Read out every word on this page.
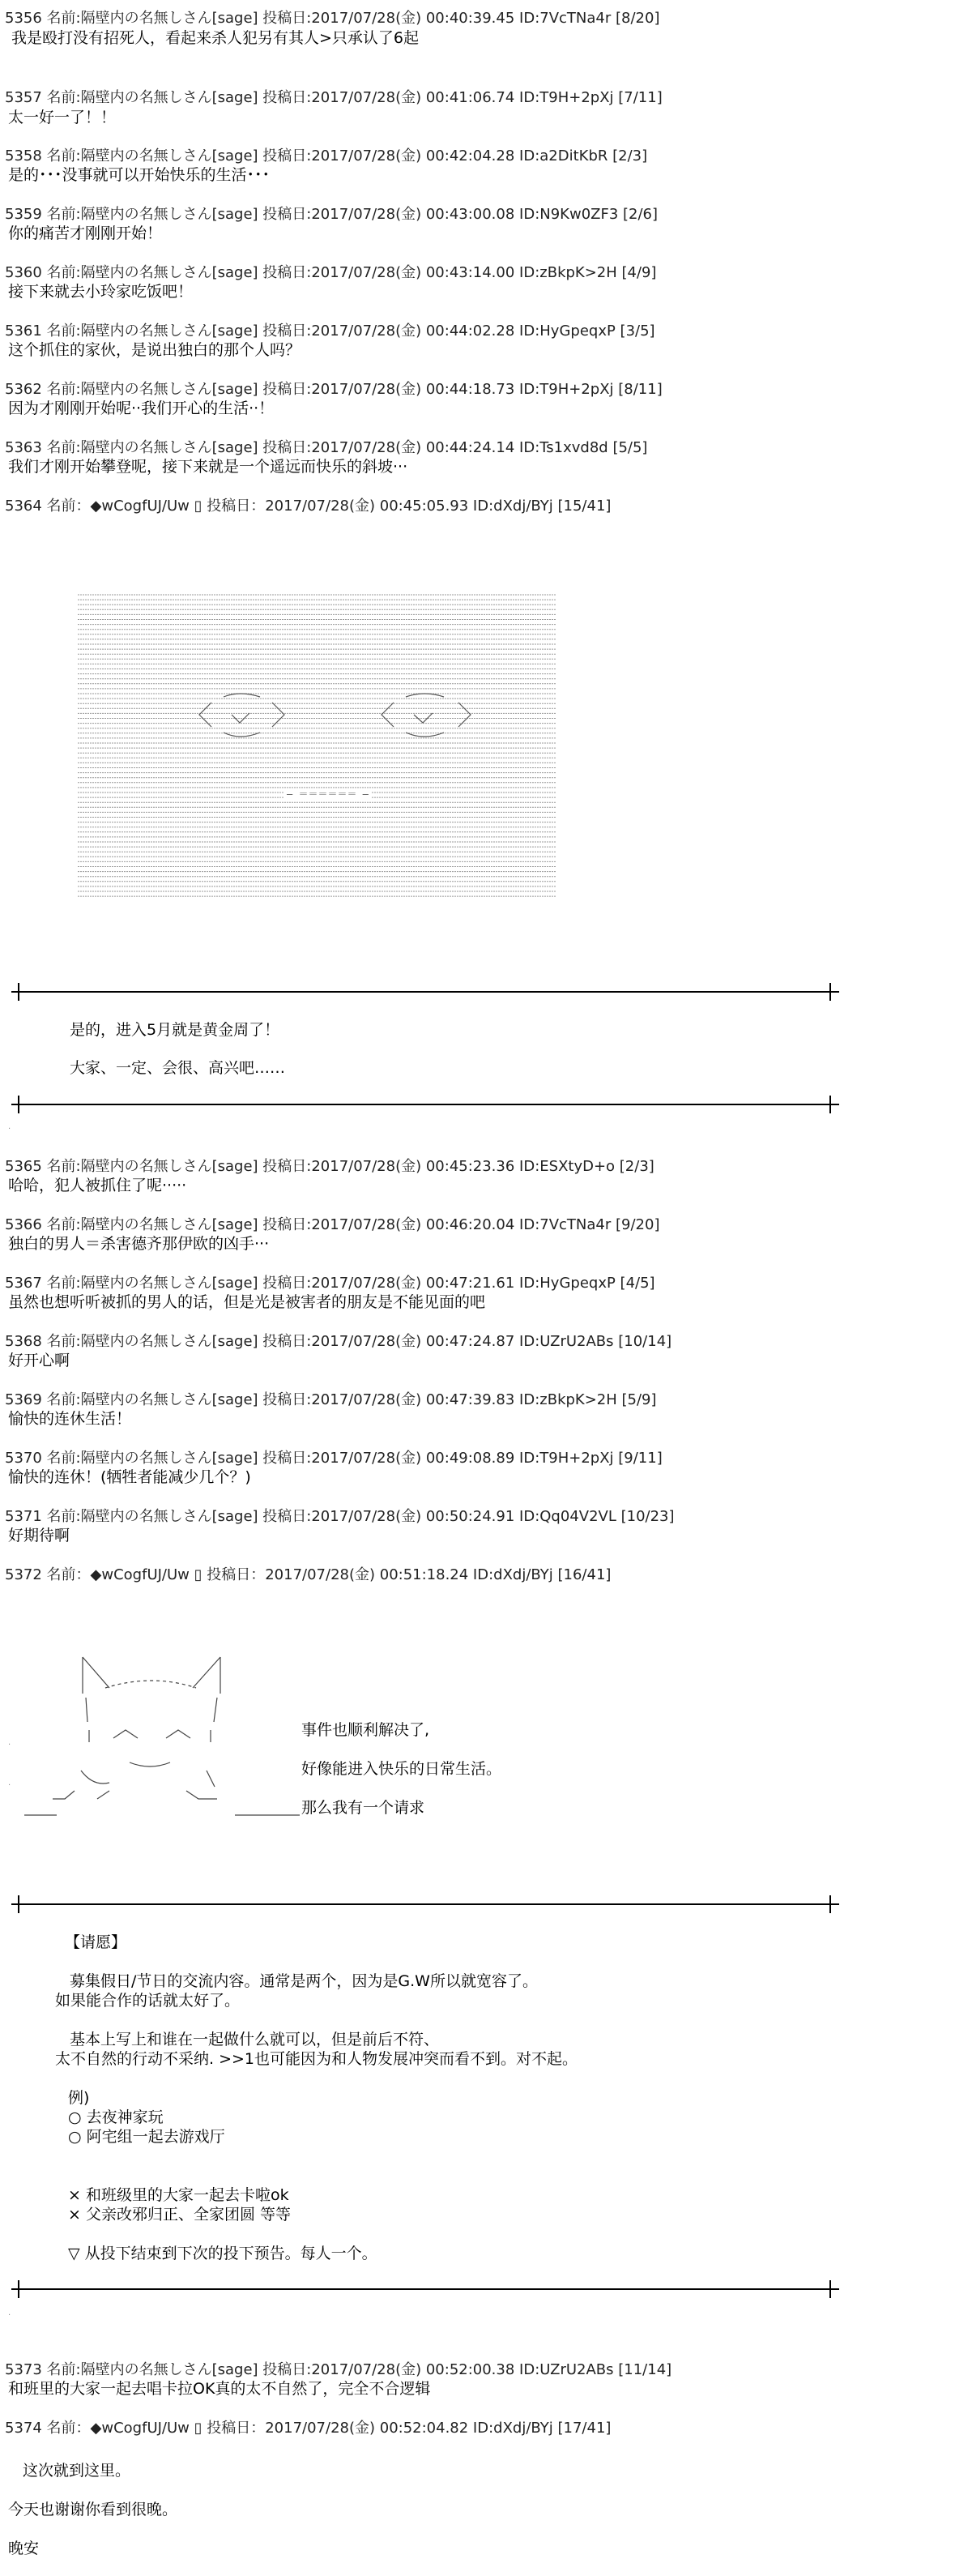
5356 名前:隔壁内の名無しさん[sage] 投稿日:2017/07/28(金) 00:40:39.45 ID:7VcTNa4r [8/20]
我是殴打没有招死人，看起来杀人犯另有其人>只承认了6起
5357 名前:隔壁内の名無しさん[sage] 投稿日:2017/07/28(金) 00:41:06.74 ID:T9H+2pXj [7/11]
太一好一了！！
5358 名前:隔壁内の名無しさん[sage] 投稿日:2017/07/28(金) 00:42:04.28 ID:a2DitKbR [2/3]
是的･･･没事就可以开始快乐的生活･･･
5359 名前:隔壁内の名無しさん[sage] 投稿日:2017/07/28(金) 00:43:00.08 ID:N9Kw0ZF3 [2/6]
你的痛苦才刚刚开始！
5360 名前:隔壁内の名無しさん[sage] 投稿日:2017/07/28(金) 00:43:14.00 ID:zBkpK>2H [4/9]
接下来就去小玲家吃饭吧！
5361 名前:隔壁内の名無しさん[sage] 投稿日:2017/07/28(金) 00:44:02.28 ID:HyGpeqxP [3/5]
这个抓住的家伙，是说出独白的那个人吗？
5362 名前:隔壁内の名無しさん[sage] 投稿日:2017/07/28(金) 00:44:18.73 ID:T9H+2pXj [8/11]
因为才刚刚开始呢··我们开心的生活··！
5363 名前:隔壁内の名無しさん[sage] 投稿日:2017/07/28(金) 00:44:24.14 ID:Ts1xvd8d [5/5]
我们才刚开始攀登呢，接下来就是一个遥远而快乐的斜坡···
5364 名前：◆wCogfUJ/Uw ▯ 投稿日：2017/07/28(金) 00:45:05.93 ID:dXdj/BYj [15/41]
— ＝＝＝＝＝＝ —
是的，进入5月就是黄金周了！
大家、一定、会很、高兴吧……
·
5365 名前:隔壁内の名無しさん[sage] 投稿日:2017/07/28(金) 00:45:23.36 ID:ESXtyD+o [2/3]
哈哈，犯人被抓住了呢·····
5366 名前:隔壁内の名無しさん[sage] 投稿日:2017/07/28(金) 00:46:20.04 ID:7VcTNa4r [9/20]
独白的男人＝杀害德齐那伊欧的凶手···
5367 名前:隔壁内の名無しさん[sage] 投稿日:2017/07/28(金) 00:47:21.61 ID:HyGpeqxP [4/5]
虽然也想听听被抓的男人的话，但是光是被害者的朋友是不能见面的吧
5368 名前:隔壁内の名無しさん[sage] 投稿日:2017/07/28(金) 00:47:24.87 ID:UZrU2ABs [10/14]
好开心啊
5369 名前:隔壁内の名無しさん[sage] 投稿日:2017/07/28(金) 00:47:39.83 ID:zBkpK>2H [5/9]
愉快的连休生活！
5370 名前:隔壁内の名無しさん[sage] 投稿日:2017/07/28(金) 00:49:08.89 ID:T9H+2pXj [9/11]
愉快的连休！(牺牲者能减少几个？)
5371 名前:隔壁内の名無しさん[sage] 投稿日:2017/07/28(金) 00:50:24.91 ID:Qq04V2VL [10/23]
好期待啊
5372 名前：◆wCogfUJ/Uw ▯ 投稿日：2017/07/28(金) 00:51:18.24 ID:dXdj/BYj [16/41]
·
·
事件也顺利解决了,
好像能进入快乐的日常生活。
那么我有一个请求
【请愿】
募集假日/节日的交流内容。通常是两个，因为是G.W所以就宽容了。
如果能合作的话就太好了。
基本上写上和谁在一起做什么就可以，但是前后不符、
太不自然的行动不采纳. >>1也可能因为和人物发展冲突而看不到。对不起。
例)
○ 去夜神家玩
○ 阿宅组一起去游戏厅
× 和班级里的大家一起去卡啦ok
× 父亲改邪归正、全家团圆 等等
▽ 从投下结束到下次的投下预告。每人一个。
·
5373 名前:隔壁内の名無しさん[sage] 投稿日:2017/07/28(金) 00:52:00.38 ID:UZrU2ABs [11/14]
和班里的大家一起去唱卡拉OK真的太不自然了，完全不合逻辑
5374 名前：◆wCogfUJ/Uw ▯ 投稿日：2017/07/28(金) 00:52:04.82 ID:dXdj/BYj [17/41]
这次就到这里。
今天也谢谢你看到很晚。
晚安
